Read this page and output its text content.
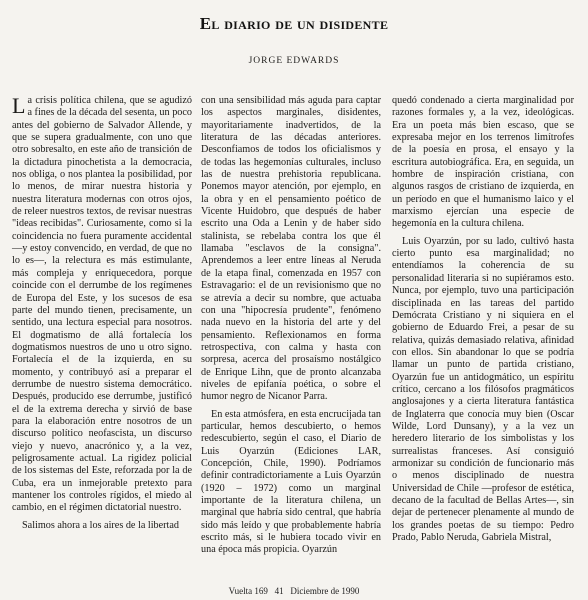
El diario de un disidente
JORGE EDWARDS

La crisis política chilena, que se agudizó a fines de la década del sesenta, un poco antes del gobierno de Salvador Allende, y que se supera gradualmente, con uno que otro sobresalto, en este año de transición de la dictadura pinochetista a la democracia, nos obliga, o nos plantea la posibilidad, por lo menos, de mirar nuestra historia y nuestra literatura modernas con otros ojos, de releer nuestros textos, de revisar nuestras "ideas recibidas". Curiosamente, como si la coincidencia no fuera puramente accidental —y estoy convencido, en verdad, de que no lo es—, la relectura es más estimulante, más compleja y enriquecedora, porque coincide con el derrumbe de los regímenes de Europa del Este, y los sucesos de esa parte del mundo tienen, precisamente, un sentido, una lectura especial para nosotros. El dogmatismo de allá fortalecía los dogmatismos nuestros de uno u otro signo. Fortalecía el de la izquierda, en su momento, y contribuyó así a preparar el derrumbe de nuestro sistema democrático. Después, producido ese derrumbe, justificó el de la extrema derecha y sirvió de base para la elaboración entre nosotros de un discurso político neofascista, un discurso viejo y nuevo, anacrónico y, a la vez, peligrosamente actual. La rigidez policial de los sistemas del Este, reforzada por la de Cuba, era un inmejorable pretexto para mantener los controles rígidos, el miedo al cambio, en el régimen dictatorial nuestro.

Salimos ahora a los aires de la libertad

con una sensibilidad más aguda para captar los aspectos marginales, disidentes, mayoritariamente inadvertidos, de la literatura de las décadas anteriores. Desconfiamos de todos los oficialismos y de todas las hegemonías culturales, incluso las de nuestra prehistoria republicana. Ponemos mayor atención, por ejemplo, en la obra y en el pensamiento poético de Vicente Huidobro, que después de haber escrito una Oda a Lenin y de haber sido stalinista, se rebelaba contra los que él llamaba "esclavos de la consigna". Aprendemos a leer entre líneas al Neruda de la etapa final, comenzada en 1957 con Estravagario: el de un revisionismo que no se atrevía a decir su nombre, que actuaba con una "hipocresía prudente", fenómeno nada nuevo en la historia del arte y del pensamiento. Reflexionamos en forma retrospectiva, con calma y hasta con sorpresa, acerca del prosaísmo nostálgico de Enrique Lihn, que de pronto alcanzaba niveles de epifanía poética, o sobre el humor negro de Nicanor Parra.

En esta atmósfera, en esta encrucijada tan particular, hemos descubierto, o hemos redescubierto, según el caso, el Diario de Luis Oyarzún (Ediciones LAR, Concepción, Chile, 1990). Podríamos definir contradictoriamente a Luis Oyarzún (1920 – 1972) como un marginal importante de la literatura chilena, un marginal que habría sido central, que habría sido más leído y que probablemente habría escrito más, si le hubiera tocado vivir en una época más propicia. Oyarzún

quedó condenado a cierta marginalidad por razones formales y, a la vez, ideológicas. Era un poeta más bien escaso, que se expresaba mejor en los terrenos limítrofes de la poesía en prosa, el ensayo y la escritura autobiográfica. Era, en seguida, un hombre de inspiración cristiana, con algunos rasgos de cristiano de izquierda, en un período en que el humanismo laico y el marxismo ejercían una especie de hegemonía en la cultura chilena.

Luis Oyarzún, por su lado, cultivó hasta cierto punto esa marginalidad; no entendíamos la coherencia de su personalidad literaria si no supiéramos esto. Nunca, por ejemplo, tuvo una participación disciplinada en las tareas del partido Demócrata Cristiano y ni siquiera en el gobierno de Eduardo Frei, a pesar de su relativa, quizás demasiado relativa, afinidad con ellos. Sin abandonar lo que se podría llamar un punto de partida cristiano, Oyarzún fue un antidogmático, un espíritu crítico, cercano a los filósofos pragmáticos anglosajones y a cierta literatura fantástica de Inglaterra que conocía muy bien (Oscar Wilde, Lord Dunsany), y a la vez un heredero literario de los simbolistas y los surrealistas franceses. Así consiguió armonizar su condición de funcionario más o menos disciplinado de nuestra Universidad de Chile —profesor de estética, decano de la facultad de Bellas Artes—, sin dejar de pertenecer plenamente al mundo de los grandes poetas de su tiempo: Pedro Prado, Pablo Neruda, Gabriela Mistral,

Vuelta 169 41 Diciembre de 1990
